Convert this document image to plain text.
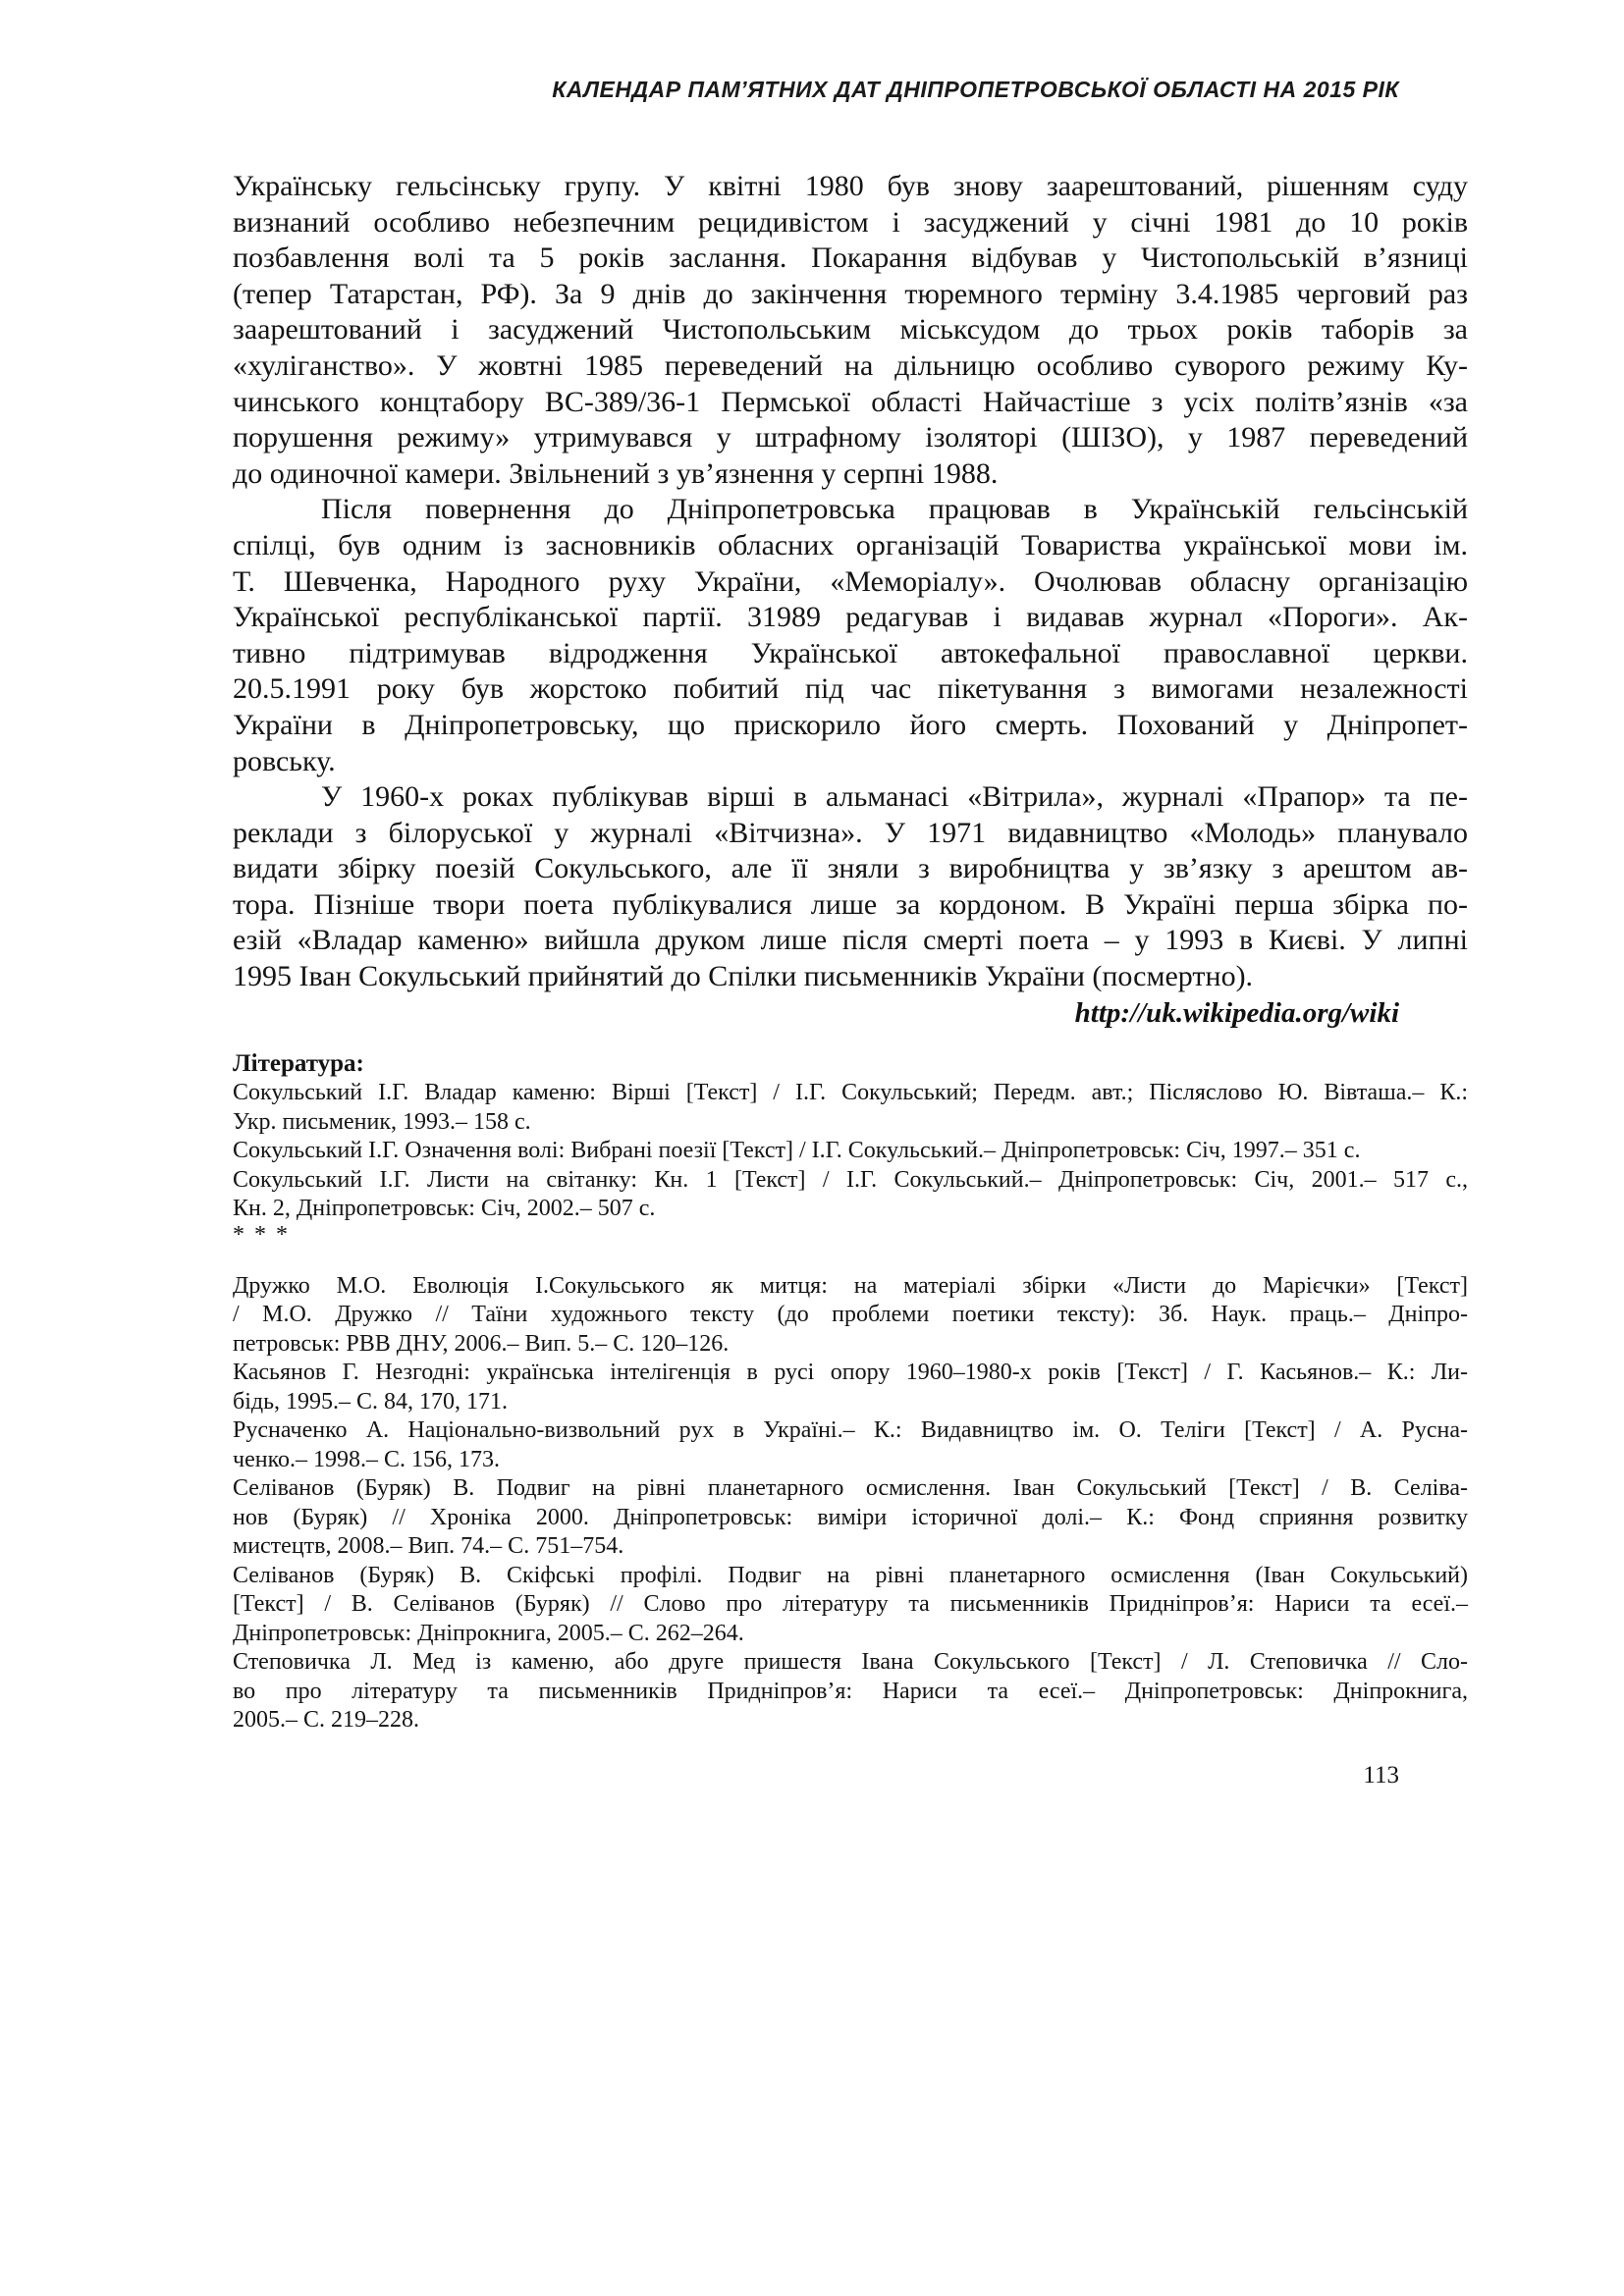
КАЛЕНДАР ПАМ’ЯТНИХ ДАТ ДНІПРОПЕТРОВСЬКОЇ ОБЛАСТІ НА 2015 РІК
Українську гельсінську групу. У квітні 1980 був знову заарештований, рішенням суду
визнаний особливо небезпечним рецидивістом і засуджений у січні 1981 до 10 років
позбавлення волі та 5 років заслання. Покарання відбував у Чистопольській в’язниці
(тепер Татарстан, РФ). За 9 днів до закінчення тюремного терміну 3.4.1985 черговий раз
заарештований і засуджений Чистопольським міськсудом до трьох років таборів за
«хуліганство». У жовтні 1985 переведений на дільницю особливо суворого режиму Ку-
чинського концтабору ВС-389/36-1 Пермської області Найчастіше з усіх політв’язнів «за
порушення режиму» утримувався у штрафному ізоляторі (ШІЗО), у 1987 переведений
до одиночної камери. Звільнений з ув’язнення у серпні 1988.
Після повернення до Дніпропетровська працював в Українській гельсінській
спілці, був одним із засновників обласних організацій Товариства української мови ім.
Т. Шевченка, Народного руху України, «Меморіалу». Очолював обласну організацію
Української республіканської партії. 31989 редагував і видавав журнал «Пороги». Ак-
тивно підтримував відродження Української автокефальної православної церкви.
20.5.1991 року був жорстоко побитий під час пікетування з вимогами незалежності
України в Дніпропетровську, що прискорило його смерть. Похований у Дніпропет-
ровську.
У 1960-х роках публікував вірші в альманасі «Вітрила», журналі «Прапор» та пе-
реклади з білоруської у журналі «Вітчизна». У 1971 видавництво «Молодь» планувало
видати збірку поезій Сокульського, але її зняли з виробництва у зв’язку з арештом ав-
тора. Пізніше твори поета публікувалися лише за кордоном. В Україні перша збірка по-
езій «Владар каменю» вийшла друком лише після смерті поета – у 1993 в Києві. У липні
1995 Іван Сокульський прийнятий до Спілки письменників України (посмертно).
http://uk.wikipedia.org/wiki
Література:
Сокульський І.Г. Владар каменю: Вірші [Текст] / І.Г. Сокульський; Передм. авт.; Післяслово Ю. Вівташа.– К.:
Укр. письменик, 1993.– 158 с.
Сокульський І.Г. Означення волі: Вибрані поезії [Текст] / І.Г. Сокульський.– Дніпропетровськ: Січ, 1997.– 351 с.
Сокульський І.Г. Листи на світанку: Кн. 1 [Текст] / І.Г. Сокульський.– Дніпропетровськ: Січ, 2001.– 517 с.,
Кн. 2, Дніпропетровськ: Січ, 2002.– 507 с.
* * *
Дружко М.О. Еволюція І.Сокульського як митця: на матеріалі збірки «Листи до Марієчки» [Текст]
/ М.О. Дружко // Таїни художнього тексту (до проблеми поетики тексту): Зб. Наук. праць.– Дніпро-
петровськ: РВВ ДНУ, 2006.– Вип. 5.– С. 120–126.
Касьянов Г. Незгодні: українська інтелігенція в русі опору 1960–1980-х років [Текст] / Г. Касьянов.– К.: Ли-
бідь, 1995.– С. 84, 170, 171.
Русначенко А. Національно-визвольний рух в Україні.– К.: Видавництво ім. О. Теліги [Текст] / А. Русна-
ченко.– 1998.– С. 156, 173.
Селіванов (Буряк) В. Подвиг на рівні планетарного осмислення. Іван Сокульський [Текст] / В. Селіва-
нов (Буряк) // Хроніка 2000. Дніпропетровськ: виміри історичної долі.– К.: Фонд сприяння розвитку
мистецтв, 2008.– Вип. 74.– С. 751–754.
Селіванов (Буряк) В. Скіфські профілі. Подвиг на рівні планетарного осмислення (Іван Сокульський)
[Текст] / В. Селіванов (Буряк) // Слово про літературу та письменників Придніпров’я: Нариси та есеї.–
Дніпропетровськ: Дніпрокнига, 2005.– С. 262–264.
Степовичка Л. Мед із каменю, або друге пришестя Івана Сокульського [Текст] / Л. Степовичка // Сло-
во про літературу та письменників Придніпров’я: Нариси та есеї.– Дніпропетровськ: Дніпрокнига,
2005.– С. 219–228.
113
